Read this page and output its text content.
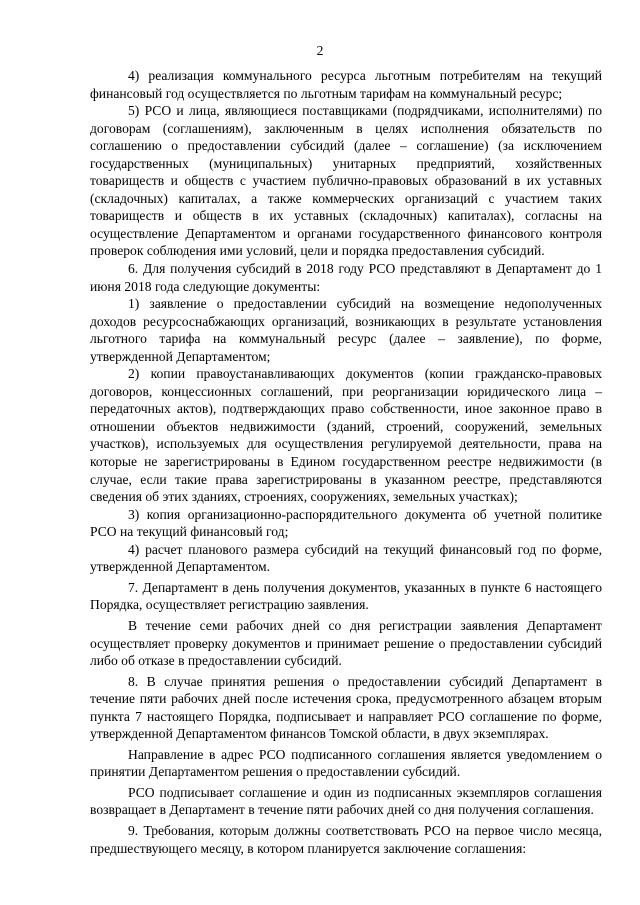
2

4) реализация коммунального ресурса льготным потребителям на текущий финансовый год осуществляется по льготным тарифам на коммунальный ресурс;

5) РСО и лица, являющиеся поставщиками (подрядчиками, исполнителями) по договорам (соглашениям), заключенным в целях исполнения обязательств по соглашению о предоставлении субсидий (далее – соглашение) (за исключением государственных (муниципальных) унитарных предприятий, хозяйственных товариществ и обществ с участием публично-правовых образований в их уставных (складочных) капиталах, а также коммерческих организаций с участием таких товариществ и обществ в их уставных (складочных) капиталах), согласны на осуществление Департаментом и органами государственного финансового контроля проверок соблюдения ими условий, цели и порядка предоставления субсидий.

6. Для получения субсидий в 2018 году РСО представляют в Департамент до 1 июня 2018 года следующие документы:

1) заявление о предоставлении субсидий на возмещение недополученных доходов ресурсоснабжающих организаций, возникающих в результате установления льготного тарифа на коммунальный ресурс (далее – заявление), по форме, утвержденной Департаментом;

2) копии правоустанавливающих документов (копии гражданско-правовых договоров, концессионных соглашений, при реорганизации юридического лица – передаточных актов), подтверждающих право собственности, иное законное право в отношении объектов недвижимости (зданий, строений, сооружений, земельных участков), используемых для осуществления регулируемой деятельности, права на которые не зарегистрированы в Едином государственном реестре недвижимости (в случае, если такие права зарегистрированы в указанном реестре, представляются сведения об этих зданиях, строениях, сооружениях, земельных участках);

3) копия организационно-распорядительного документа об учетной политике РСО на текущий финансовый год;

4) расчет планового размера субсидий на текущий финансовый год по форме, утвержденной Департаментом.

7. Департамент в день получения документов, указанных в пункте 6 настоящего Порядка, осуществляет регистрацию заявления.

В течение семи рабочих дней со дня регистрации заявления Департамент осуществляет проверку документов и принимает решение о предоставлении субсидий либо об отказе в предоставлении субсидий.

8. В случае принятия решения о предоставлении субсидий Департамент в течение пяти рабочих дней после истечения срока, предусмотренного абзацем вторым пункта 7 настоящего Порядка, подписывает и направляет РСО соглашение по форме, утвержденной Департаментом финансов Томской области, в двух экземплярах.

Направление в адрес РСО подписанного соглашения является уведомлением о принятии Департаментом решения о предоставлении субсидий.

РСО подписывает соглашение и один из подписанных экземпляров соглашения возвращает в Департамент в течение пяти рабочих дней со дня получения соглашения.

9. Требования, которым должны соответствовать РСО на первое число месяца, предшествующего месяцу, в котором планируется заключение соглашения:
